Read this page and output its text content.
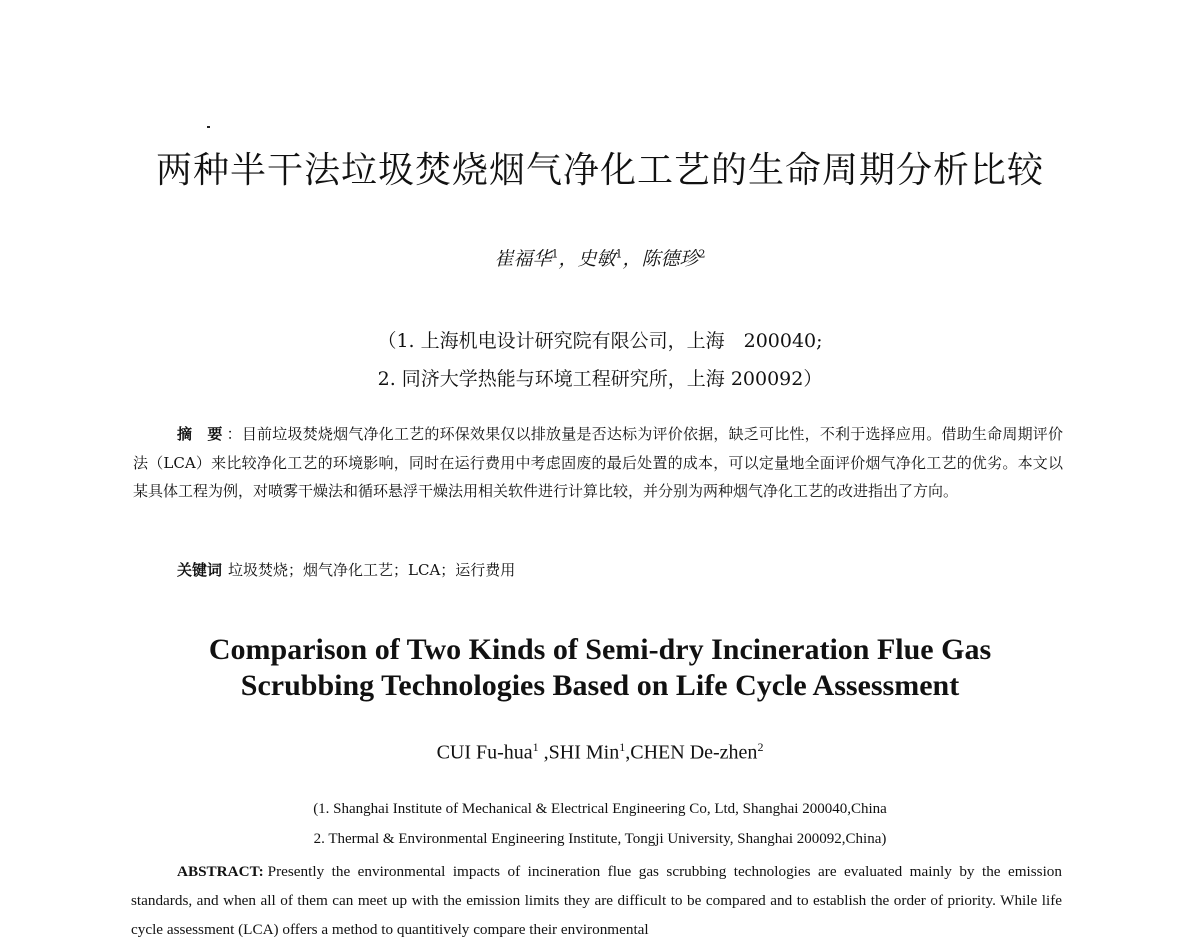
两种半干法垃圾焚烧烟气净化工艺的生命周期分析比较
崔福华$^1$，史敏$^1$，陈德珍$^2$
（1. 上海机电设计研究院有限公司，上海　200040;
2. 同济大学热能与环境工程研究所，上海 200092）
摘　要 ：目前垃圾焚烧烟气净化工艺的环保效果仅以排放量是否达标为评价依据，缺乏可比性，不利于选择应用。借助生命周期评价法（LCA）来比较净化工艺的环境影响，同时在运行费用中考虑固废的最后处置的成本，可以定量地全面评价烟气净化工艺的优劣。本文以某具体工程为例，对喷雾干燥法和循环悬浮干燥法用相关软件进行计算比较，并分别为两种烟气净化工艺的改进指出了方向。
关键词 垃圾焚烧；烟气净化工艺；LCA；运行费用
Comparison of Two Kinds of Semi-dry Incineration Flue Gas
Scrubbing Technologies Based on Life Cycle Assessment
CUI Fu-hua$^1$ ,SHI Min$^1$,CHEN De-zhen$^2$
(1. Shanghai Institute of Mechanical & Electrical Engineering Co, Ltd, Shanghai 200040,China
2. Thermal & Environmental Engineering Institute, Tongji University, Shanghai 200092,China)
ABSTRACT: Presently the environmental impacts of incineration flue gas scrubbing technologies are evaluated mainly by the emission standards, and when all of them can meet up with the emission limits they are difficult to be compared and to establish the order of priority. While life cycle assessment (LCA) offers a method to quantitively compare their environmental
